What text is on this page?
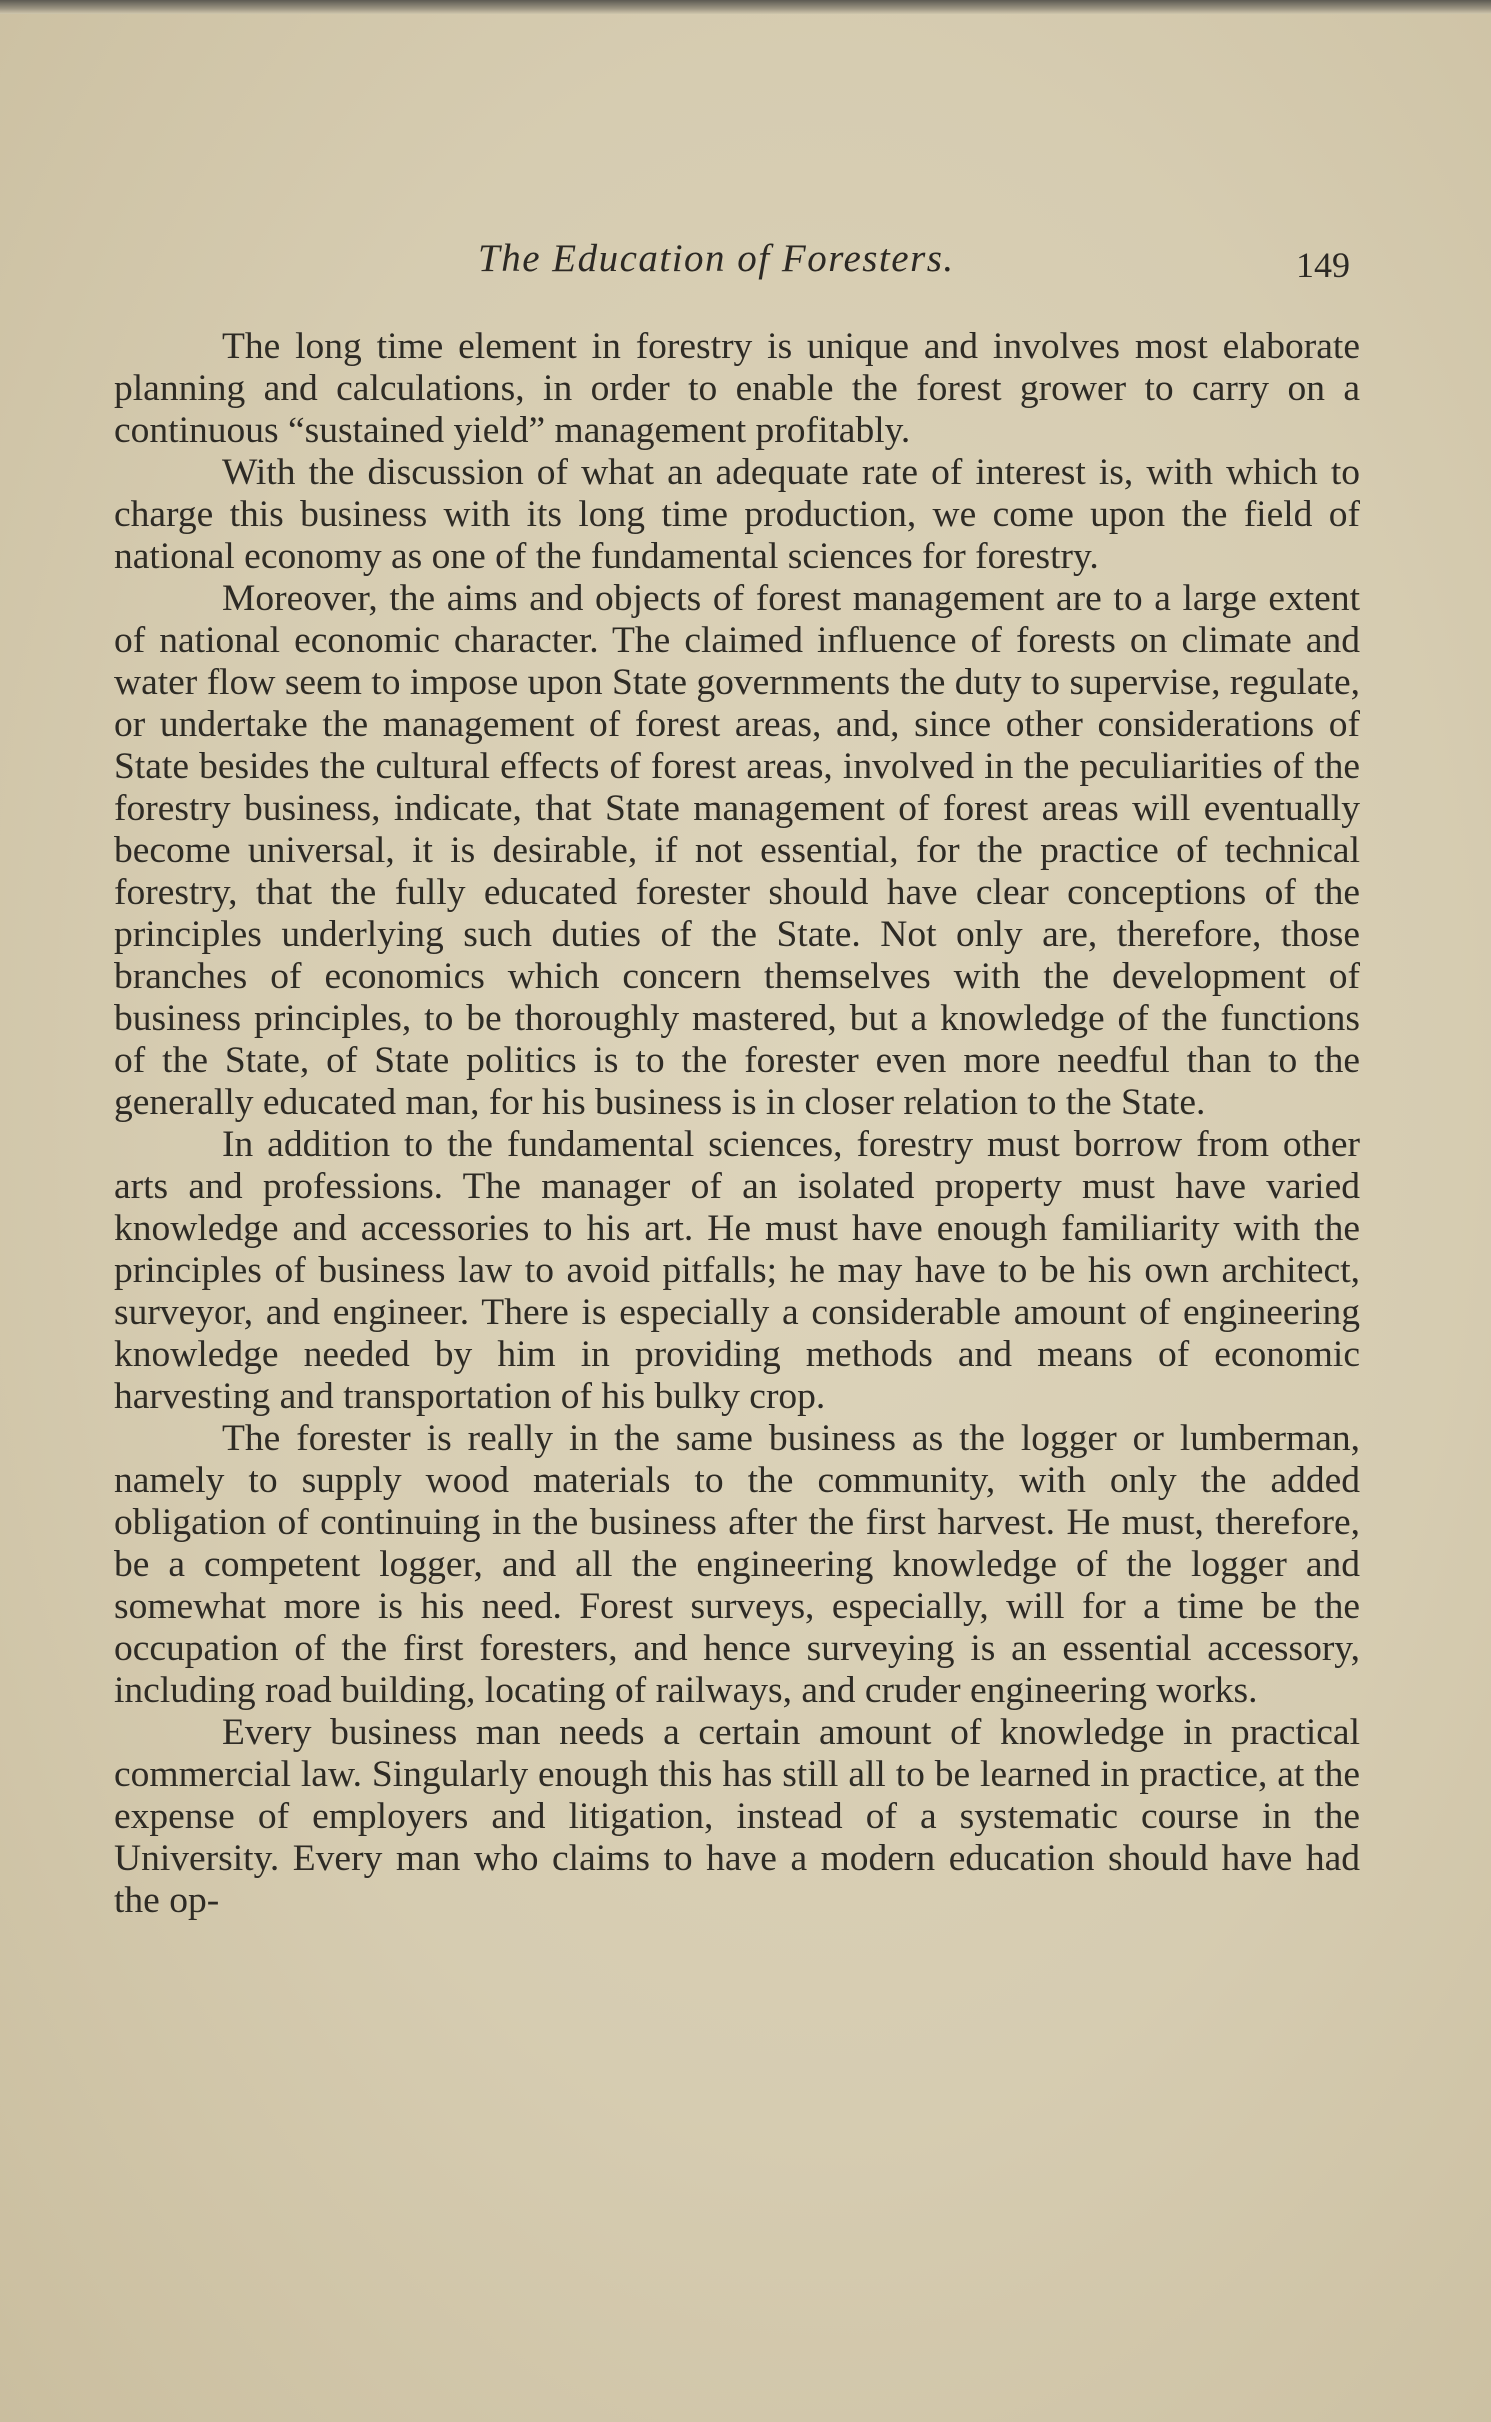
The Education of Foresters.	149

The long time element in forestry is unique and involves most elaborate planning and calculations, in order to enable the forest grower to carry on a continuous “sustained yield” management profitably.

With the discussion of what an adequate rate of interest is, with which to charge this business with its long time production, we come upon the field of national economy as one of the fundamental sciences for forestry.

Moreover, the aims and objects of forest management are to a large extent of national economic character. The claimed influence of forests on climate and water flow seem to impose upon State governments the duty to supervise, regulate, or undertake the management of forest areas, and, since other considerations of State besides the cultural effects of forest areas, involved in the peculiarities of the forestry business, indicate, that State management of forest areas will eventually become universal, it is desirable, if not essential, for the practice of technical forestry, that the fully educated forester should have clear conceptions of the principles underlying such duties of the State. Not only are, therefore, those branches of economics which concern themselves with the development of business principles, to be thoroughly mastered, but a knowledge of the functions of the State, of State politics is to the forester even more needful than to the generally educated man, for his business is in closer relation to the State.

In addition to the fundamental sciences, forestry must borrow from other arts and professions. The manager of an isolated property must have varied knowledge and accessories to his art. He must have enough familiarity with the principles of business law to avoid pitfalls; he may have to be his own architect, surveyor, and engineer. There is especially a considerable amount of engineering knowledge needed by him in providing methods and means of economic harvesting and transportation of his bulky crop.

The forester is really in the same business as the logger or lumberman, namely to supply wood materials to the community, with only the added obligation of continuing in the business after the first harvest. He must, therefore, be a competent logger, and all the engineering knowledge of the logger and somewhat more is his need. Forest surveys, especially, will for a time be the occupation of the first foresters, and hence surveying is an essential accessory, including road building, locating of railways, and cruder engineering works.

Every business man needs a certain amount of knowledge in practical commercial law. Singularly enough this has still all to be learned in practice, at the expense of employers and litigation, instead of a systematic course in the University. Every man who claims to have a modern education should have had the op-
